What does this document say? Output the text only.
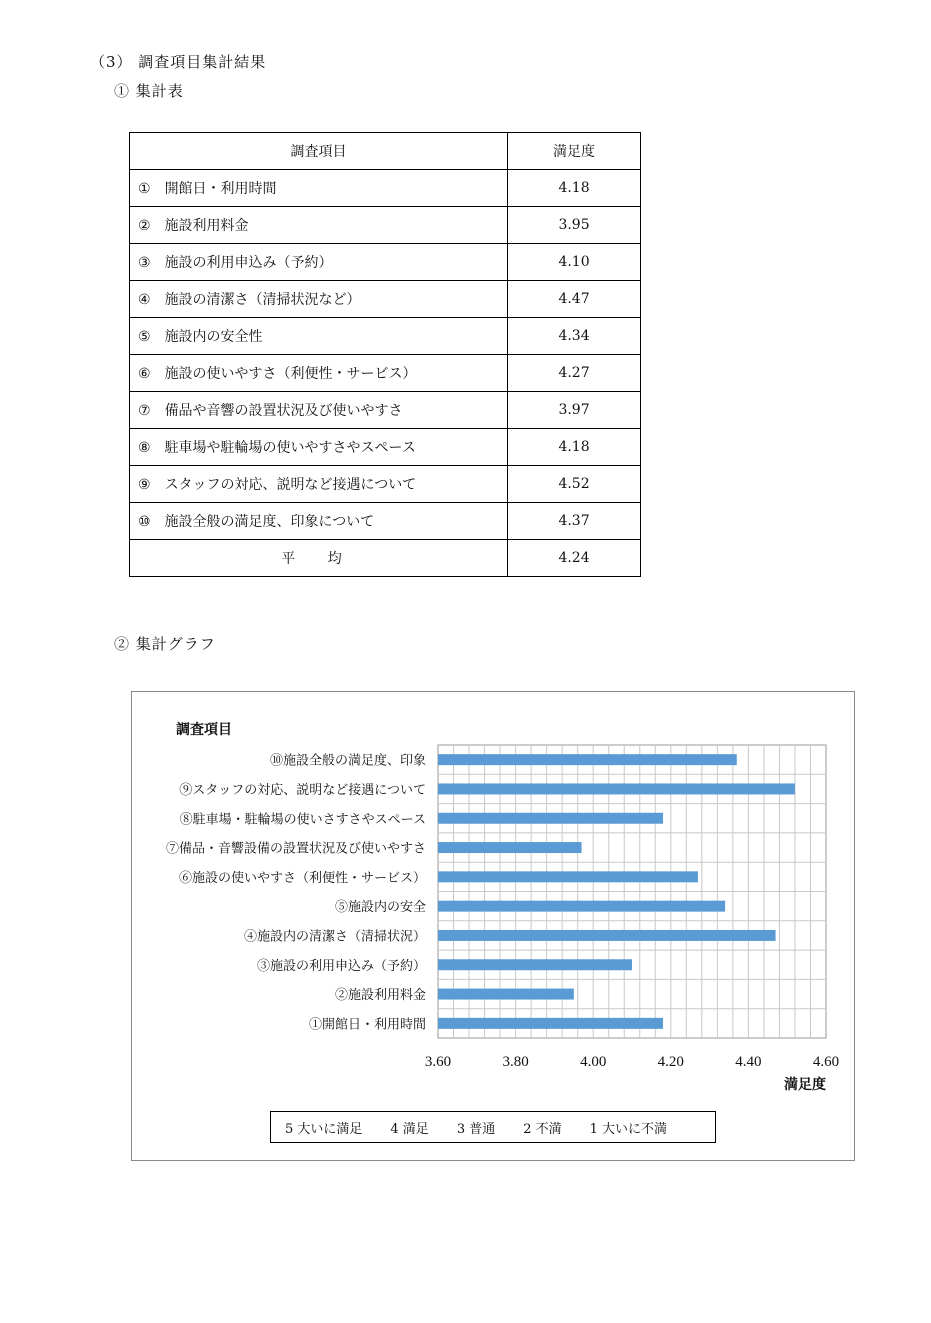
（3） 調査項目集計結果
① 集計表
調査項目	満足度
① 開館日・利用時間	4.18
② 施設利用料金	3.95
③ 施設の利用申込み（予約）	4.10
④ 施設の清潔さ（清掃状況など）	4.47
⑤ 施設内の安全性	4.34
⑥ 施設の使いやすさ（利便性・サービス）	4.27
⑦ 備品や音響の設置状況及び使いやすさ	3.97
⑧ 駐車場や駐輪場の使いやすさやスペース	4.18
⑨ スタッフの対応、説明など接遇について	4.52
⑩ 施設全般の満足度、印象について	4.37
平 均	4.24
② 集計グラフ
⑩施設全般の満足度、印象
⑨スタッフの対応、説明など接遇について
⑧駐車場・駐輪場の使いさすさやスペース
⑦備品・音響設備の設置状況及び使いやすさ
⑥施設の使いやすさ（利便性・サービス）
⑤施設内の安全
④施設内の清潔さ（清掃状況）
③施設の利用申込み（予約）
②施設利用料金
①開館日・利用時間
3.60	3.80	4.00	4.20	4.40	4.60
調査項目
満足度
5 大いに満足 4 満足 3 普通 2 不満 1 大いに不満
